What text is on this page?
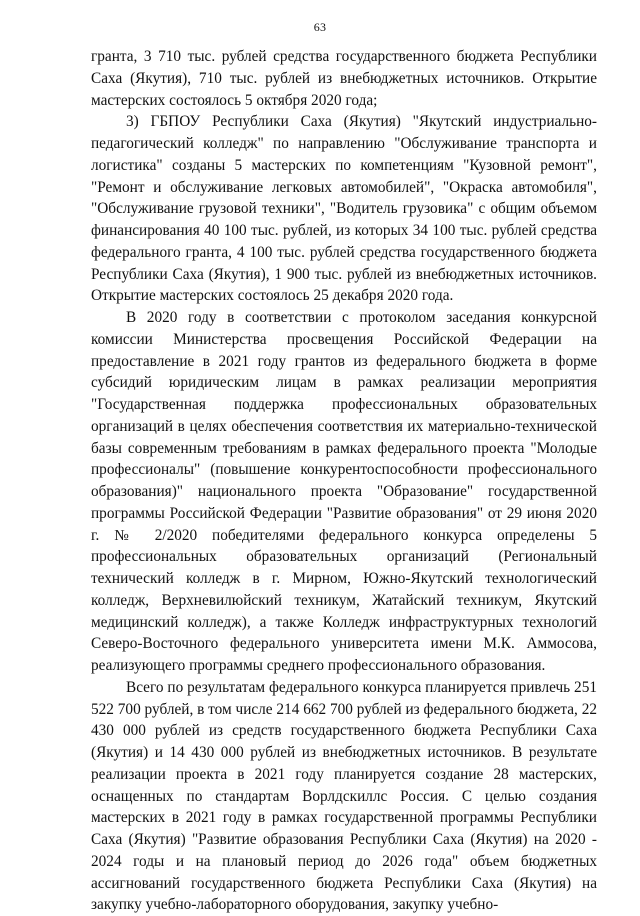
63

гранта, 3 710 тыс. рублей средства государственного бюджета Республики Саха (Якутия), 710 тыс. рублей из внебюджетных источников. Открытие мастерских состоялось 5 октября 2020 года;

3) ГБПОУ Республики Саха (Якутия) "Якутский индустриально-педагогический колледж" по направлению "Обслуживание транспорта и логистика" созданы 5 мастерских по компетенциям "Кузовной ремонт", "Ремонт и обслуживание легковых автомобилей", "Окраска автомобиля", "Обслуживание грузовой техники", "Водитель грузовика" с общим объемом финансирования 40 100 тыс. рублей, из которых 34 100 тыс. рублей средства федерального гранта, 4 100 тыс. рублей средства государственного бюджета Республики Саха (Якутия), 1 900 тыс. рублей из внебюджетных источников. Открытие мастерских состоялось 25 декабря 2020 года.

В 2020 году в соответствии с протоколом заседания конкурсной комиссии Министерства просвещения Российской Федерации на предоставление в 2021 году грантов из федерального бюджета в форме субсидий юридическим лицам в рамках реализации мероприятия "Государственная поддержка профессиональных образовательных организаций в целях обеспечения соответствия их материально-технической базы современным требованиям в рамках федерального проекта "Молодые профессионалы" (повышение конкурентоспособности профессионального образования)" национального проекта "Образование" государственной программы Российской Федерации "Развитие образования" от 29 июня 2020 г. № 2/2020 победителями федерального конкурса определены 5 профессиональных образовательных организаций (Региональный технический колледж в г. Мирном, Южно-Якутский технологический колледж, Верхневилюйский техникум, Жатайский техникум, Якутский медицинский колледж), а также Колледж инфраструктурных технологий Северо-Восточного федерального университета имени М.К. Аммосова, реализующего программы среднего профессионального образования.

Всего по результатам федерального конкурса планируется привлечь 251 522 700 рублей, в том числе 214 662 700 рублей из федерального бюджета, 22 430 000 рублей из средств государственного бюджета Республики Саха (Якутия) и 14 430 000 рублей из внебюджетных источников. В результате реализации проекта в 2021 году планируется создание 28 мастерских, оснащенных по стандартам Ворлдскиллс Россия. С целью создания мастерских в 2021 году в рамках государственной программы Республики Саха (Якутия) "Развитие образования Республики Саха (Якутия) на 2020 - 2024 годы и на плановый период до 2026 года" объем бюджетных ассигнований государственного бюджета Республики Саха (Якутия) на закупку учебно-лабораторного оборудования, закупку учебно-
